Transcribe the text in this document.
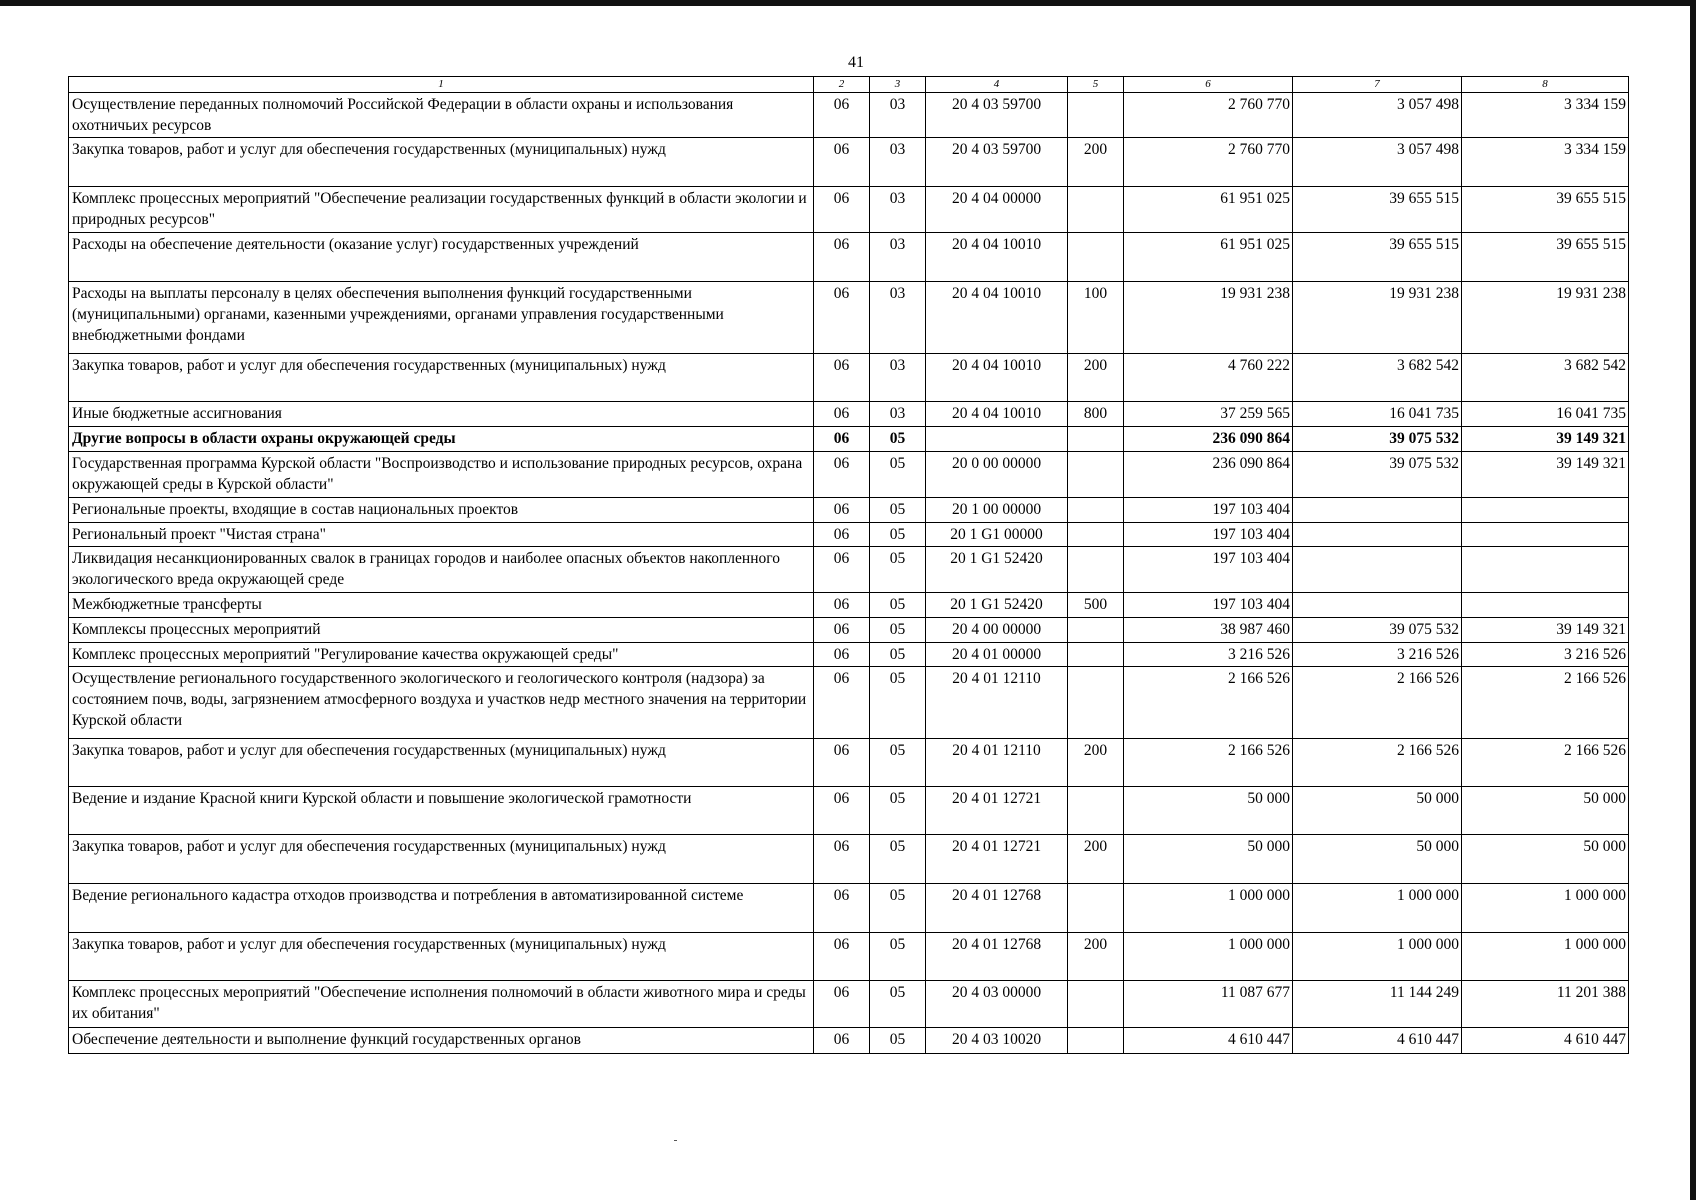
41
1	2	3	4	5	6	7	8
Осуществление переданных полномочий Российской Федерации в области охраны и использования охотничьих ресурсов	06	03	20 4 03 59700		2 760 770	3 057 498	3 334 159
Закупка товаров, работ и услуг для обеспечения государственных (муниципальных) нужд	06	03	20 4 03 59700	200	2 760 770	3 057 498	3 334 159
Комплекс процессных мероприятий "Обеспечение реализации государственных функций в области экологии и природных ресурсов"	06	03	20 4 04 00000		61 951 025	39 655 515	39 655 515
Расходы на обеспечение деятельности (оказание услуг) государственных учреждений	06	03	20 4 04 10010		61 951 025	39 655 515	39 655 515
Расходы на выплаты персоналу в целях обеспечения выполнения функций государственными (муниципальными) органами, казенными учреждениями, органами управления государственными внебюджетными фондами	06	03	20 4 04 10010	100	19 931 238	19 931 238	19 931 238
Закупка товаров, работ и услуг для обеспечения государственных (муниципальных) нужд	06	03	20 4 04 10010	200	4 760 222	3 682 542	3 682 542
Иные бюджетные ассигнования	06	03	20 4 04 10010	800	37 259 565	16 041 735	16 041 735
Другие вопросы в области охраны окружающей среды	06	05			236 090 864	39 075 532	39 149 321
Государственная программа Курской области "Воспроизводство и использование природных ресурсов, охрана окружающей среды в Курской области"	06	05	20 0 00 00000		236 090 864	39 075 532	39 149 321
Региональные проекты, входящие в состав национальных проектов	06	05	20 1 00 00000		197 103 404		
Региональный проект "Чистая страна"	06	05	20 1 G1 00000		197 103 404		
Ликвидация несанкционированных свалок в границах городов и наиболее опасных объектов накопленного экологического вреда окружающей среде	06	05	20 1 G1 52420		197 103 404		
Межбюджетные трансферты	06	05	20 1 G1 52420	500	197 103 404		
Комплексы процессных мероприятий	06	05	20 4 00 00000		38 987 460	39 075 532	39 149 321
Комплекс процессных мероприятий "Регулирование качества окружающей среды"	06	05	20 4 01 00000		3 216 526	3 216 526	3 216 526
Осуществление регионального государственного экологического и геологического контроля (надзора) за состоянием почв, воды, загрязнением атмосферного воздуха и участков недр местного значения на территории Курской области	06	05	20 4 01 12110		2 166 526	2 166 526	2 166 526
Закупка товаров, работ и услуг для обеспечения государственных (муниципальных) нужд	06	05	20 4 01 12110	200	2 166 526	2 166 526	2 166 526
Ведение и издание Красной книги Курской области и повышение экологической грамотности	06	05	20 4 01 12721		50 000	50 000	50 000
Закупка товаров, работ и услуг для обеспечения государственных (муниципальных) нужд	06	05	20 4 01 12721	200	50 000	50 000	50 000
Ведение регионального кадастра отходов производства и потребления в автоматизированной системе	06	05	20 4 01 12768		1 000 000	1 000 000	1 000 000
Закупка товаров, работ и услуг для обеспечения государственных (муниципальных) нужд	06	05	20 4 01 12768	200	1 000 000	1 000 000	1 000 000
Комплекс процессных мероприятий "Обеспечение исполнения полномочий в области животного мира и среды их обитания"	06	05	20 4 03 00000		11 087 677	11 144 249	11 201 388
Обеспечение деятельности и выполнение функций государственных органов	06	05	20 4 03 10020		4 610 447	4 610 447	4 610 447
